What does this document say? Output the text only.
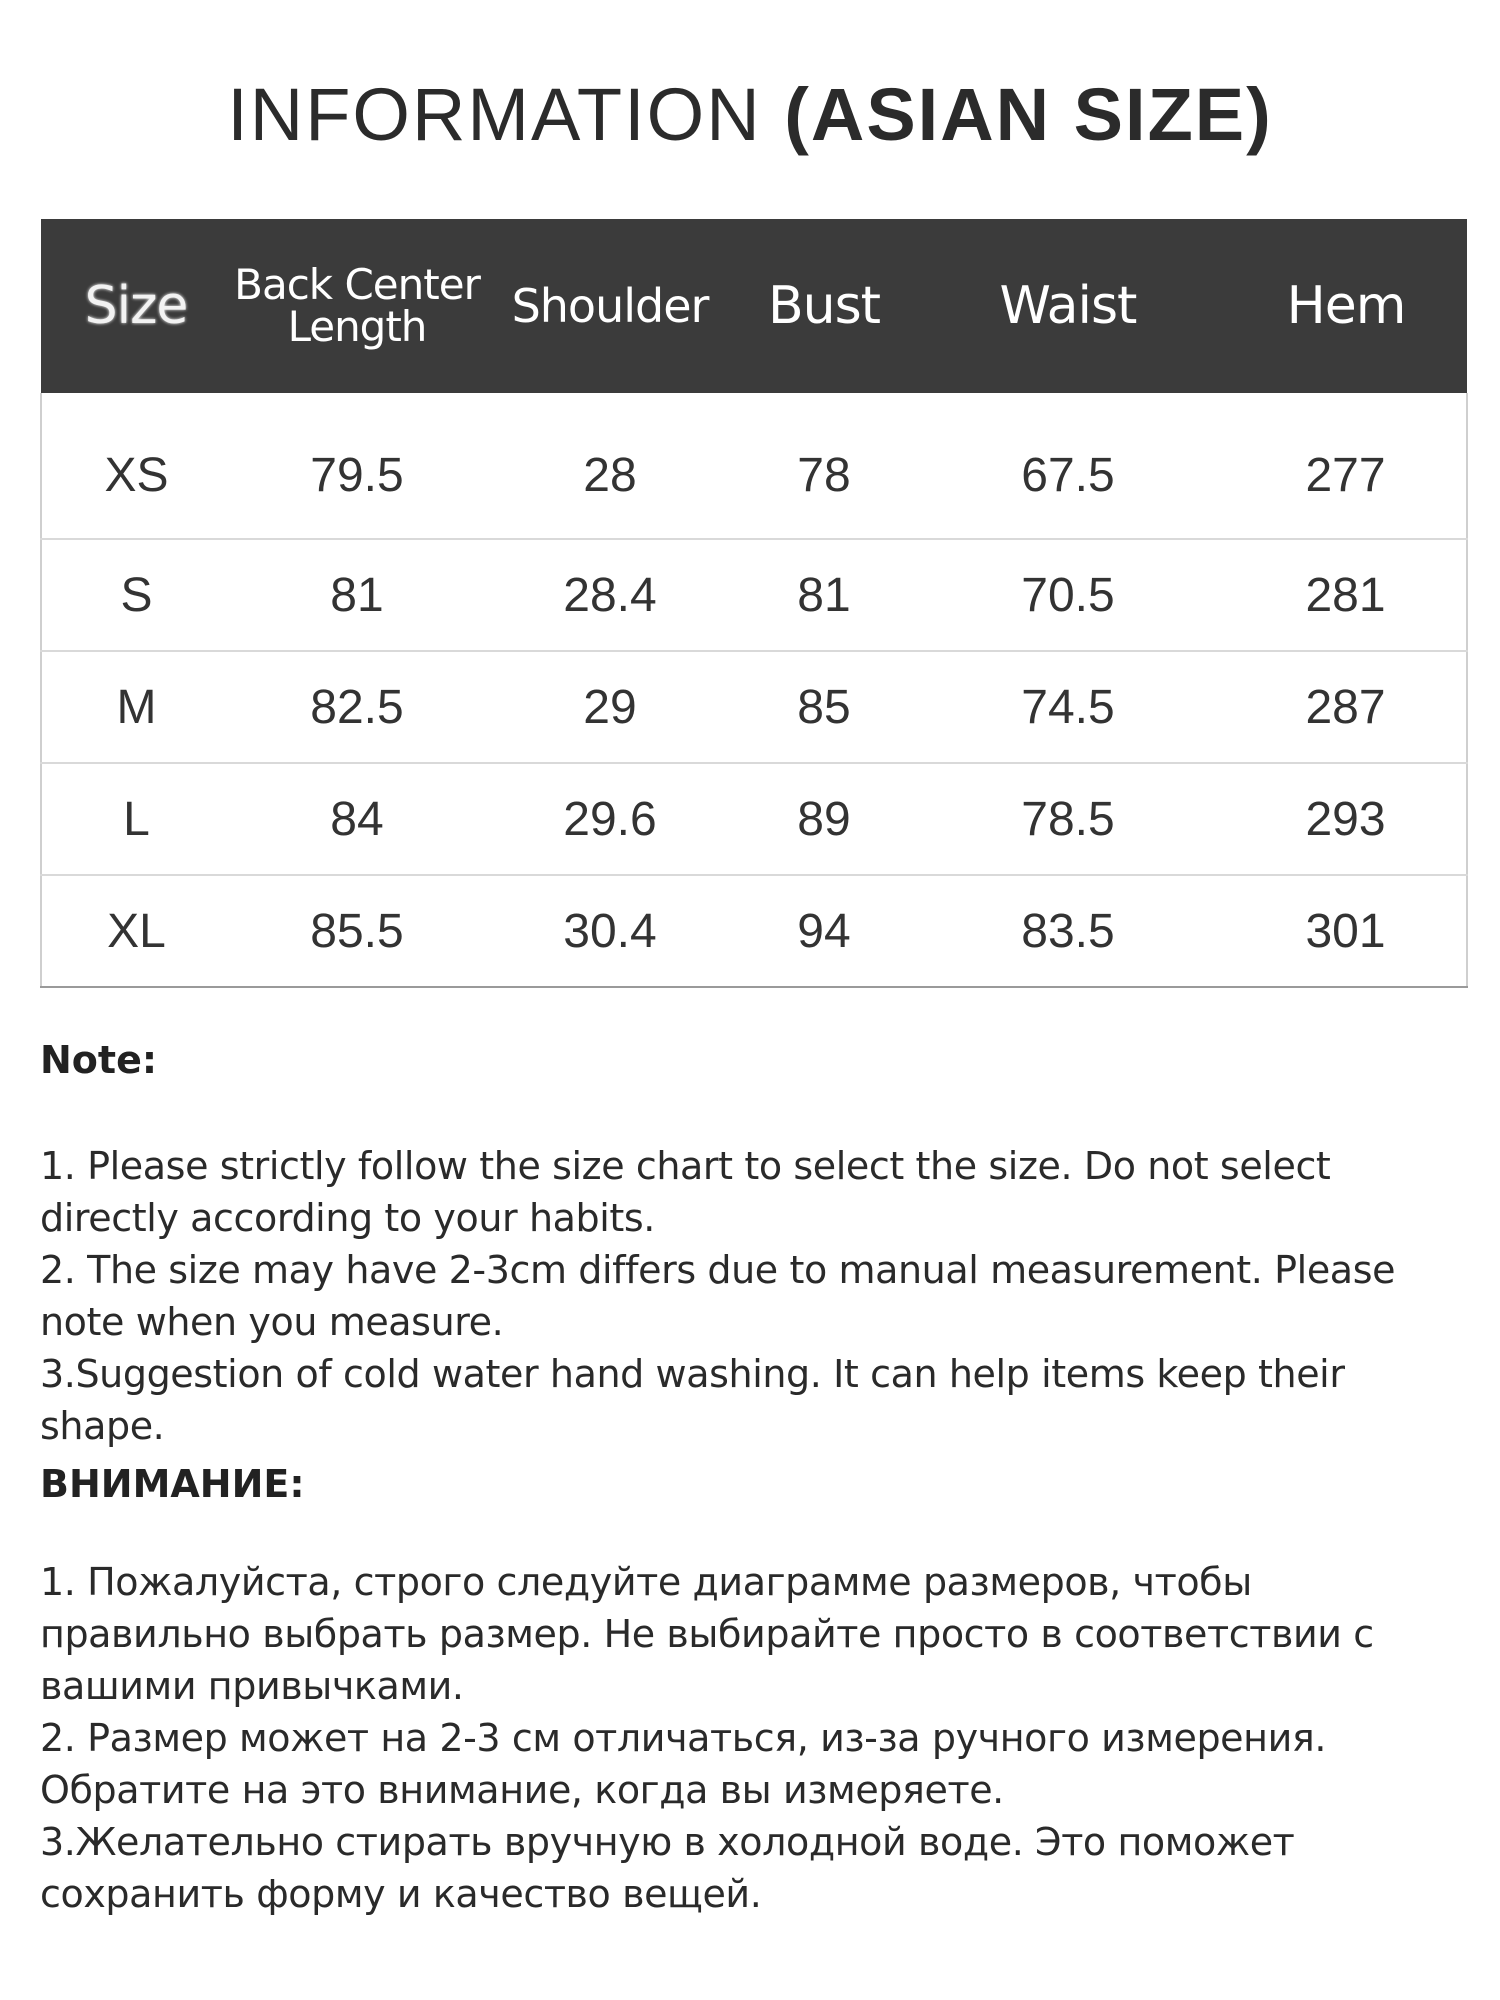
INFORMATION (ASIAN SIZE)
Size	Back Center Length	Shoulder	Bust	Waist	Hem
XS	79.5	28	78	67.5	277
S	81	28.4	81	70.5	281
M	82.5	29	85	74.5	287
L	84	29.6	89	78.5	293
XL	85.5	30.4	94	83.5	301
Note:

1. Please strictly follow the size chart to select the size. Do not select directly according to your habits.

2. The size may have 2-3cm differs due to manual measurement. Please note when you measure.

3.Suggestion of cold water hand washing. It can help items keep their shape.

ВНИМАНИЕ:

1. Пожалуйста, строго следуйте диаграмме размеров, чтобы правильно выбрать размер. Не выбирайте просто в соответствии с вашими привычками.

2. Размер может на 2-3 см отличаться, из-за ручного измерения. Обратите на это внимание, когда вы измеряете.

3.Желательно стирать вручную в холодной воде. Это поможет сохранить форму и качество вещей.
